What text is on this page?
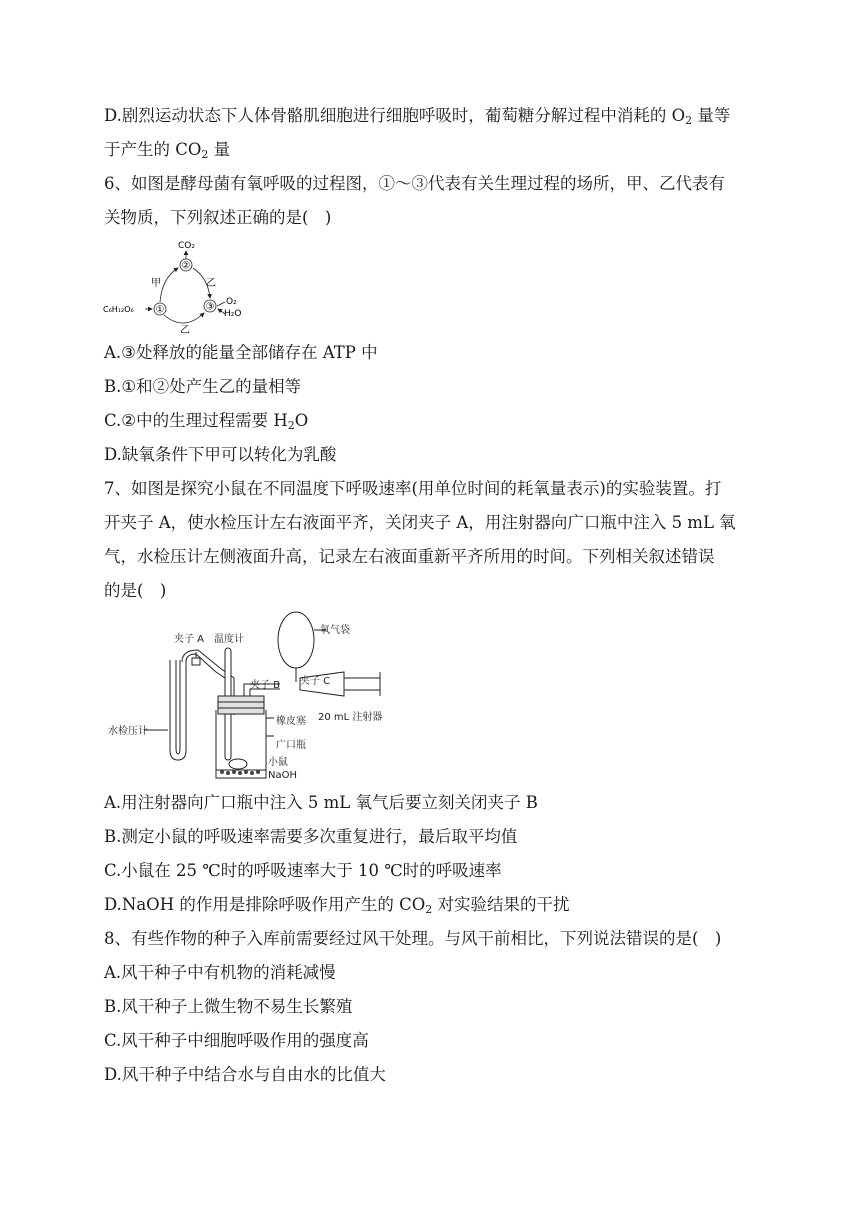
D.剧烈运动状态下人体骨骼肌细胞进行细胞呼吸时，葡萄糖分解过程中消耗的 $O_2$ 量等
于产生的 $CO_2$ 量
6、如图是酵母菌有氧呼吸的过程图，①～③代表有关生理过程的场所，甲、乙代表有
关物质，下列叙述正确的是(　)
CO₂
②
甲	乙
C₆H₁₂O₆ ①	③ O₂
H₂O
乙
A.③处释放的能量全部储存在 ATP 中
B.①和②处产生乙的量相等
C.②中的生理过程需要 $H_2O$
D.缺氧条件下甲可以转化为乳酸
7、如图是探究小鼠在不同温度下呼吸速率(用单位时间的耗氧量表示)的实验装置。打
开夹子 A，使水检压计左右液面平齐，关闭夹子 A，用注射器向广口瓶中注入 5 mL 氧
气，水检压计左侧液面升高，记录左右液面重新平齐所用的时间。下列相关叙述错误
的是(　)
夹子 A 温度计
氧气袋
夹子 B 夹子 C
20 mL 注射器
水检压计
橡皮塞
广口瓶
小鼠
NaOH
A.用注射器向广口瓶中注入 5 mL 氧气后要立刻关闭夹子 B
B.测定小鼠的呼吸速率需要多次重复进行，最后取平均值
C.小鼠在 25 ℃时的呼吸速率大于 10 ℃时的呼吸速率
D.NaOH 的作用是排除呼吸作用产生的 $CO_2$ 对实验结果的干扰
8、有些作物的种子入库前需要经过风干处理。与风干前相比，下列说法错误的是(　)
A.风干种子中有机物的消耗减慢
B.风干种子上微生物不易生长繁殖
C.风干种子中细胞呼吸作用的强度高
D.风干种子中结合水与自由水的比值大
